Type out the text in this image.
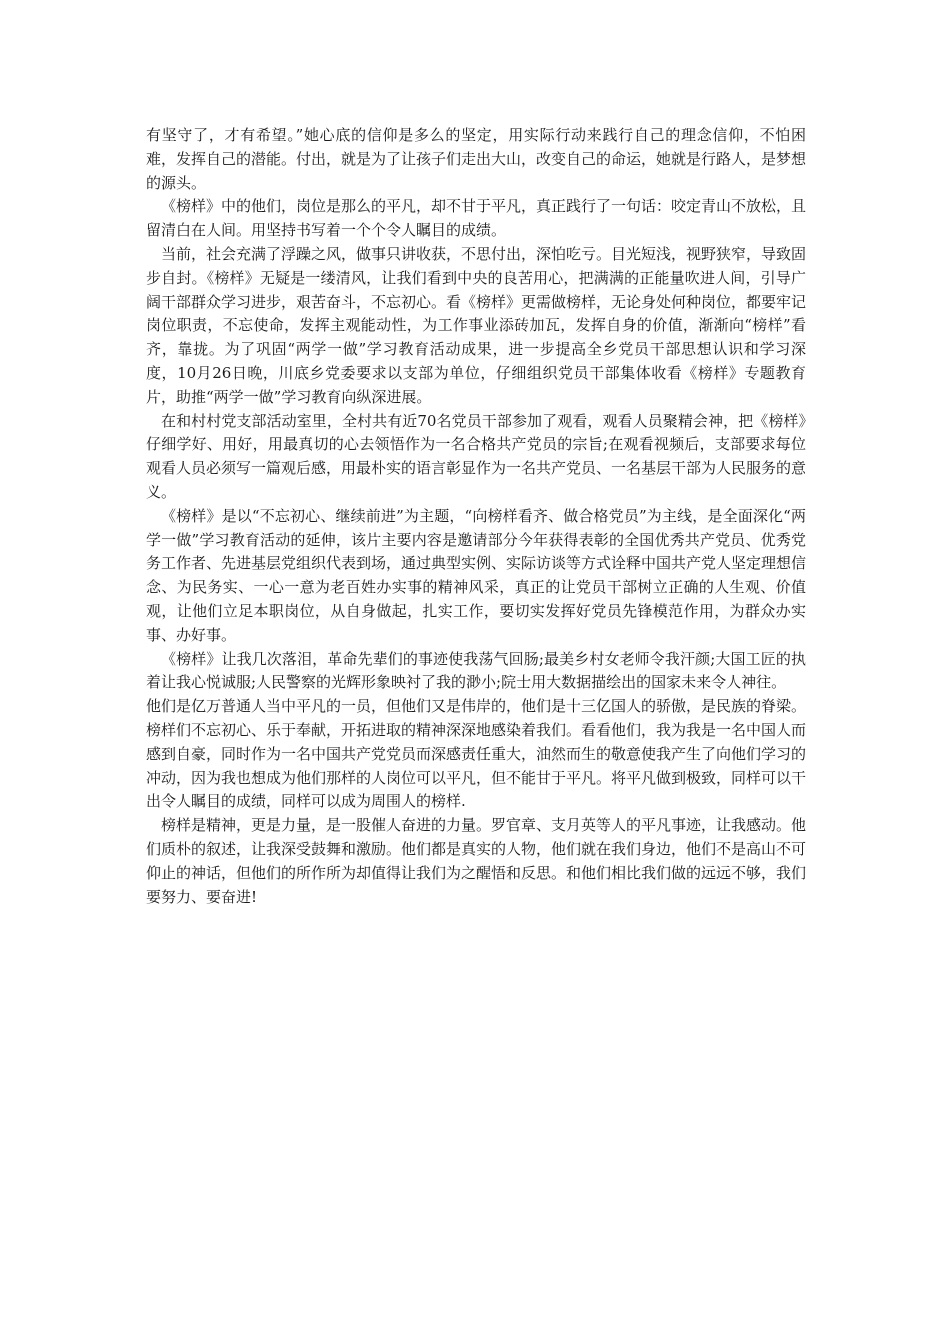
有坚守了，才有希望。”她心底的信仰是多么的坚定，用实际行动来践行自己的理念信仰，不怕困难，发挥自己的潜能。付出，就是为了让孩子们走出大山，改变自己的命运，她就是行路人，是梦想的源头。

《榜样》中的他们，岗位是那么的平凡，却不甘于平凡，真正践行了一句话：咬定青山不放松，且留清白在人间。用坚持书写着一个个令人瞩目的成绩。

当前，社会充满了浮躁之风，做事只讲收获，不思付出，深怕吃亏。目光短浅，视野狭窄，导致固步自封。《榜样》无疑是一缕清风，让我们看到中央的良苦用心，把满满的正能量吹进人间，引导广阔干部群众学习进步，艰苦奋斗，不忘初心。看《榜样》更需做榜样，无论身处何种岗位，都要牢记岗位职责，不忘使命，发挥主观能动性，为工作事业添砖加瓦，发挥自身的价值，渐渐向“榜样”看齐，靠拢。为了巩固“两学一做”学习教育活动成果，进一步提高全乡党员干部思想认识和学习深度，10月26日晚，川底乡党委要求以支部为单位，仔细组织党员干部集体收看《榜样》专题教育片，助推“两学一做”学习教育向纵深进展。

在和村村党支部活动室里，全村共有近70名党员干部参加了观看，观看人员聚精会神，把《榜样》仔细学好、用好，用最真切的心去领悟作为一名合格共产党员的宗旨;在观看视频后，支部要求每位观看人员必须写一篇观后感，用最朴实的语言彰显作为一名共产党员、一名基层干部为人民服务的意义。

《榜样》是以“不忘初心、继续前进”为主题，“向榜样看齐、做合格党员”为主线，是全面深化“两学一做”学习教育活动的延伸，该片主要内容是邀请部分今年获得表彰的全国优秀共产党员、优秀党务工作者、先进基层党组织代表到场，通过典型实例、实际访谈等方式诠释中国共产党人坚定理想信念、为民务实、一心一意为老百姓办实事的精神风采，真正的让党员干部树立正确的人生观、价值观，让他们立足本职岗位，从自身做起，扎实工作，要切实发挥好党员先锋模范作用，为群众办实事、办好事。

《榜样》让我几次落泪，革命先辈们的事迹使我荡气回肠;最美乡村女老师令我汗颜;大国工匠的执着让我心悦诚服;人民警察的光辉形象映衬了我的渺小;院士用大数据描绘出的国家未来令人神往。

他们是亿万普通人当中平凡的一员，但他们又是伟岸的，他们是十三亿国人的骄傲，是民族的脊梁。榜样们不忘初心、乐于奉献，开拓进取的精神深深地感染着我们。看看他们，我为我是一名中国人而感到自豪，同时作为一名中国共产党党员而深感责任重大，油然而生的敬意使我产生了向他们学习的冲动，因为我也想成为他们那样的人岗位可以平凡，但不能甘于平凡。将平凡做到极致，同样可以干出令人瞩目的成绩，同样可以成为周围人的榜样.

榜样是精神，更是力量，是一股催人奋进的力量。罗官章、支月英等人的平凡事迹，让我感动。他们质朴的叙述，让我深受鼓舞和激励。他们都是真实的人物，他们就在我们身边，他们不是高山不可仰止的神话，但他们的所作所为却值得让我们为之醒悟和反思。和他们相比我们做的远远不够，我们要努力、要奋进!
